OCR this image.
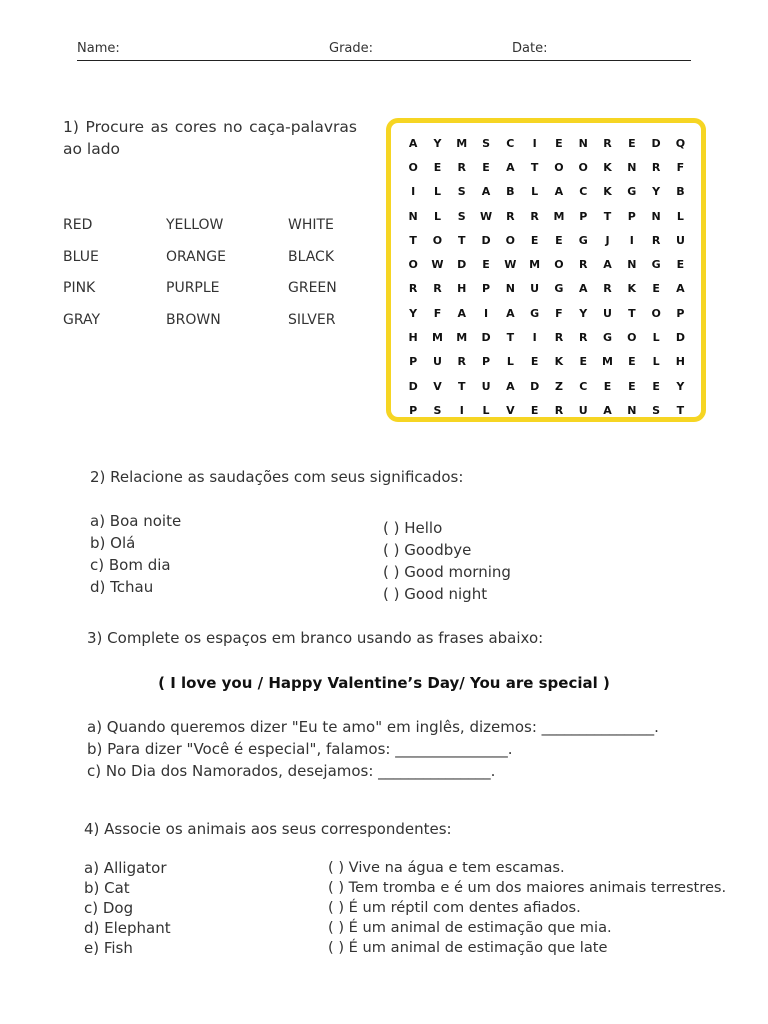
Name:	Grade:	Date:
1) Procure as cores no caça-palavras ao lado
RED	YELLOW	WHITE
BLUE	ORANGE	BLACK
PINK	PURPLE	GREEN
GRAY	BROWN	SILVER
A	Y	M	S	C	I	E	N	R	E	D	Q
O	E	R	E	A	T	O	O	K	N	R	F
I	L	S	A	B	L	A	C	K	G	Y	B
N	L	S	W	R	R	M	P	T	P	N	L
T	O	T	D	O	E	E	G	J	I	R	U
O	W	D	E	W	M	O	R	A	N	G	E
R	R	H	P	N	U	G	A	R	K	E	A
Y	F	A	I	A	G	F	Y	U	T	O	P
H	M	M	D	T	I	R	R	G	O	L	D
P	U	R	P	L	E	K	E	M	E	L	H
D	V	T	U	A	D	Z	C	E	E	E	Y
P	S	I	L	V	E	R	U	A	N	S	T
2) Relacione as saudações com seus significados:
a) Boa noite
b) Olá
c) Bom dia
d) Tchau
( ) Hello
( ) Goodbye
( ) Good morning
( ) Good night
3) Complete os espaços em branco usando as frases abaixo:
( I love you / Happy Valentine’s Day/ You are special )
a) Quando queremos dizer "Eu te amo" em inglês, dizemos: _______________.
b) Para dizer "Você é especial", falamos: _______________.
c) No Dia dos Namorados, desejamos: _______________.
4) Associe os animais aos seus correspondentes:
a) Alligator
b) Cat
c) Dog
d) Elephant
e) Fish
( ) Vive na água e tem escamas.
( ) Tem tromba e é um dos maiores animais terrestres.
( ) É um réptil com dentes afiados.
( ) É um animal de estimação que mia.
( ) É um animal de estimação que late
